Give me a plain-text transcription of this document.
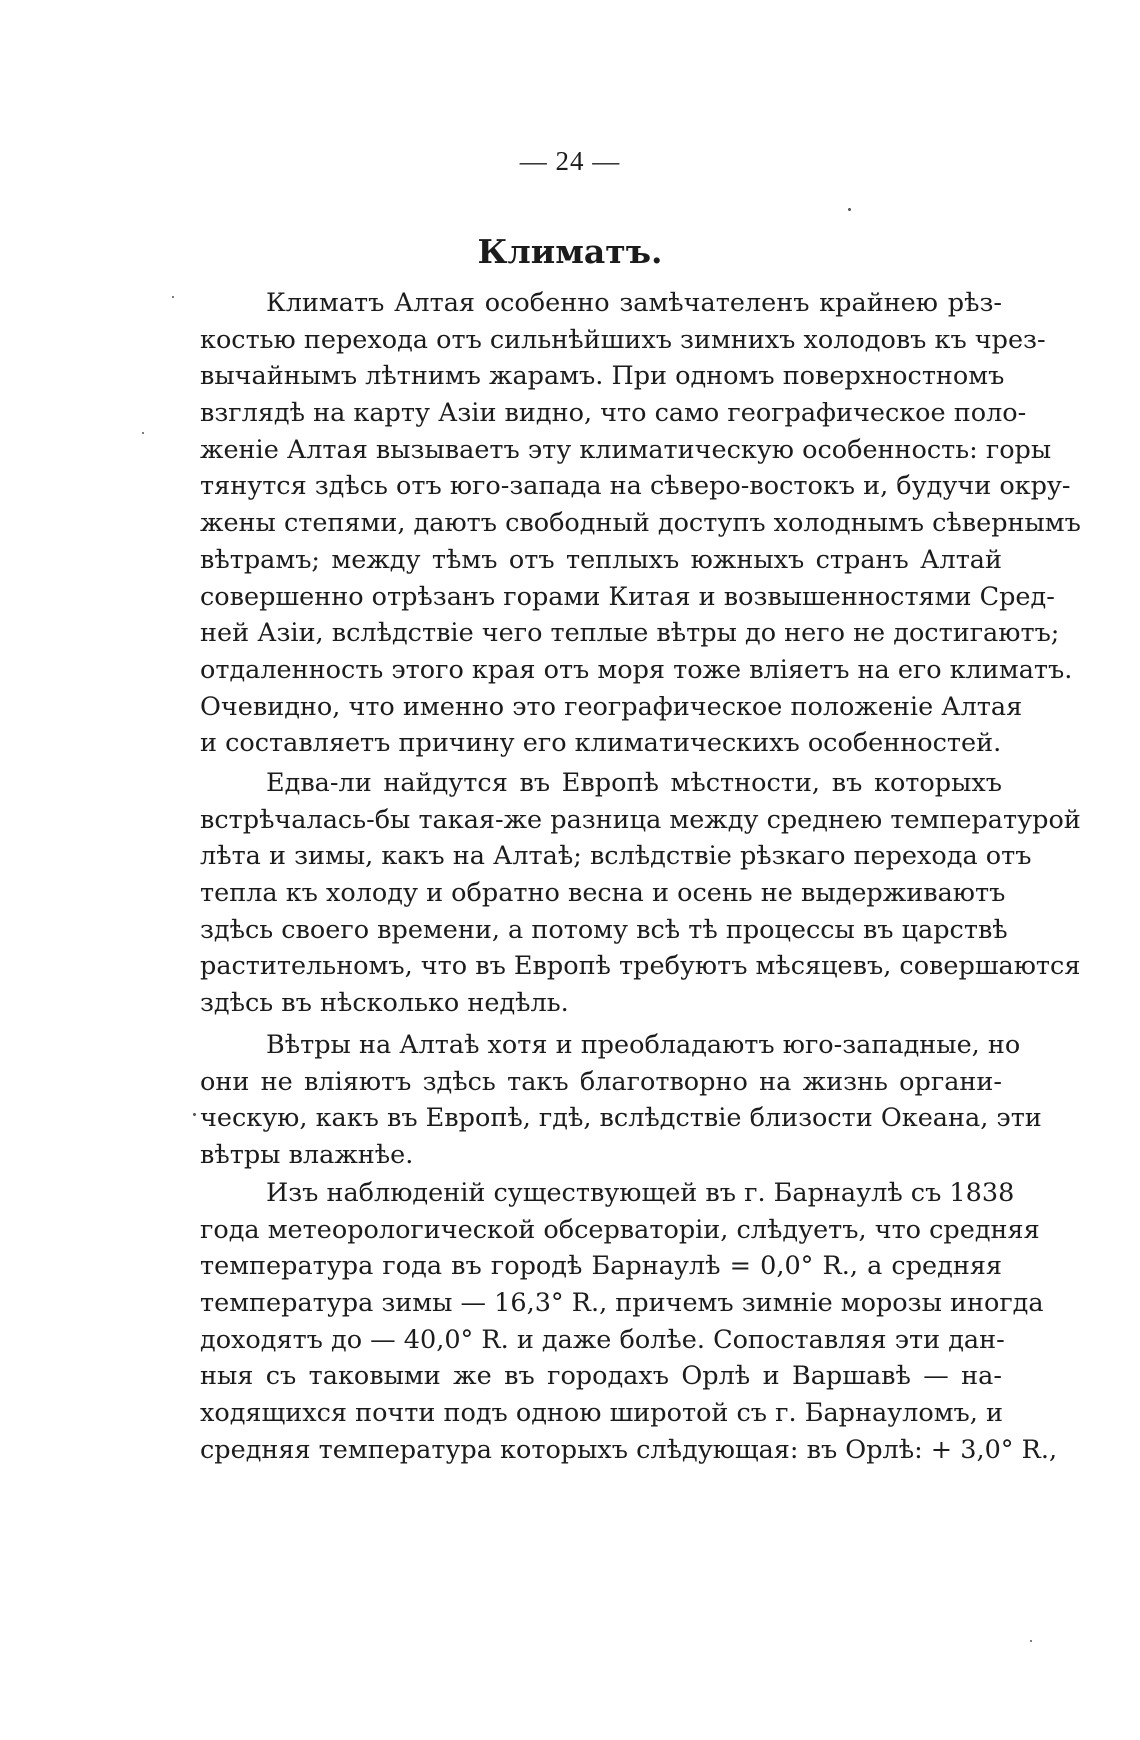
— 24 —
Климатъ.
Климатъ Алтая особенно замѣчателенъ крайнею рѣз-
костью перехода отъ сильнѣйшихъ зимнихъ холодовъ къ чрез-
вычайнымъ лѣтнимъ жарамъ. При одномъ поверхностномъ
взглядѣ на карту Азіи видно, что само географическое поло-
женіе Алтая вызываетъ эту климатическую особенность: горы
тянутся здѣсь отъ юго-запада на сѣверо-востокъ и, будучи окру-
жены степями, даютъ свободный доступъ холоднымъ сѣвернымъ
вѣтрамъ; между тѣмъ отъ теплыхъ южныхъ странъ Алтай
совершенно отрѣзанъ горами Китая и возвышенностями Сред-
ней Азіи, вслѣдствіе чего теплые вѣтры до него не достигаютъ;
отдаленность этого края отъ моря тоже вліяетъ на его климатъ.
Очевидно, что именно это географическое положеніе Алтая
и составляетъ причину его климатическихъ особенностей.
Едва-ли найдутся въ Европѣ мѣстности, въ которыхъ
встрѣчалась-бы такая-же разница между среднею температурой
лѣта и зимы, какъ на Алтаѣ; вслѣдствіе рѣзкаго перехода отъ
тепла къ холоду и обратно весна и осень не выдерживаютъ
здѣсь своего времени, а потому всѣ тѣ процессы въ царствѣ
растительномъ, что въ Европѣ требуютъ мѣсяцевъ, совершаются
здѣсь въ нѣсколько недѣль.
Вѣтры на Алтаѣ хотя и преобладаютъ юго-западные, но
они не вліяютъ здѣсь такъ благотворно на жизнь органи-
ческую, какъ въ Европѣ, гдѣ, вслѣдствіе близости Океана, эти
вѣтры влажнѣе.
Изъ наблюденій существующей въ г. Барнаулѣ съ 1838
года метеорологической обсерваторіи, слѣдуетъ, что средняя
температура года въ городѣ Барнаулѣ = 0,0° R., а средняя
температура зимы — 16,3° R., причемъ зимніе морозы иногда
доходятъ до — 40,0° R. и даже болѣе. Сопоставляя эти дан-
ныя съ таковыми же въ городахъ Орлѣ и Варшавѣ — на-
ходящихся почти подъ одною широтой съ г. Барнауломъ, и
средняя температура которыхъ слѣдующая: въ Орлѣ: + 3,0° R.,
